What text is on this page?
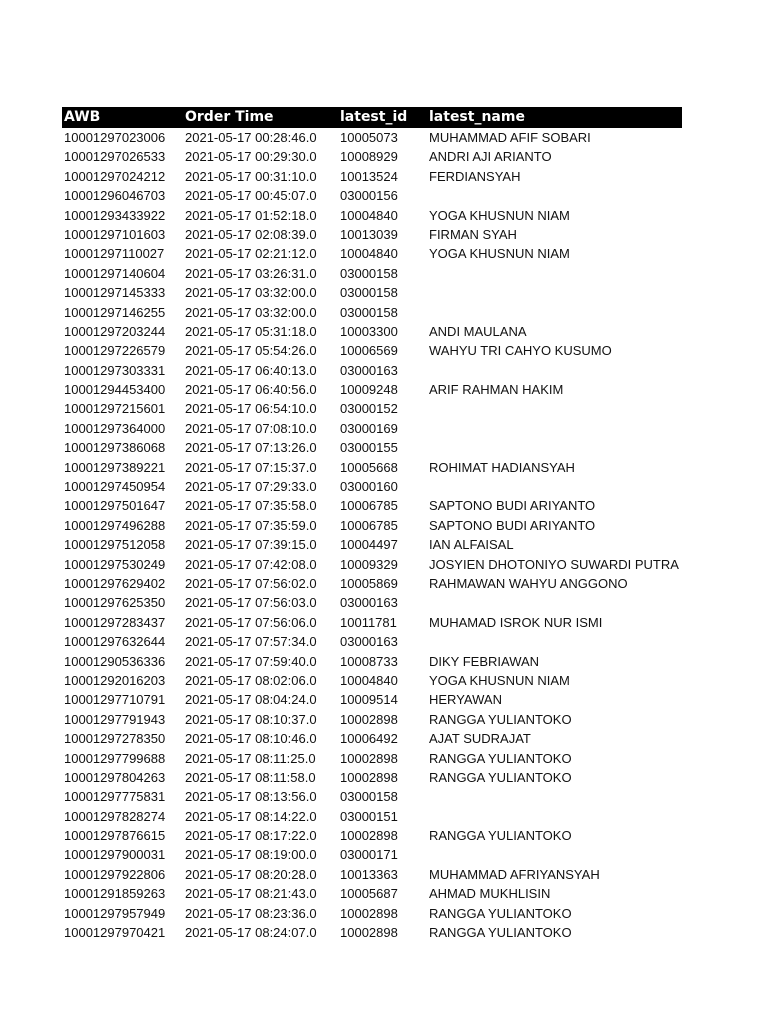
AWB	Order Time	latest_id	latest_name
10001297023006	2021-05-17 00:28:46.0	10005073	MUHAMMAD AFIF SOBARI
10001297026533	2021-05-17 00:29:30.0	10008929	ANDRI AJI ARIANTO
10001297024212	2021-05-17 00:31:10.0	10013524	FERDIANSYAH
10001296046703	2021-05-17 00:45:07.0	03000156
10001293433922	2021-05-17 01:52:18.0	10004840	YOGA KHUSNUN NIAM
10001297101603	2021-05-17 02:08:39.0	10013039	FIRMAN SYAH
10001297110027	2021-05-17 02:21:12.0	10004840	YOGA KHUSNUN NIAM
10001297140604	2021-05-17 03:26:31.0	03000158
10001297145333	2021-05-17 03:32:00.0	03000158
10001297146255	2021-05-17 03:32:00.0	03000158
10001297203244	2021-05-17 05:31:18.0	10003300	ANDI MAULANA
10001297226579	2021-05-17 05:54:26.0	10006569	WAHYU TRI CAHYO KUSUMO
10001297303331	2021-05-17 06:40:13.0	03000163
10001294453400	2021-05-17 06:40:56.0	10009248	ARIF RAHMAN HAKIM
10001297215601	2021-05-17 06:54:10.0	03000152
10001297364000	2021-05-17 07:08:10.0	03000169
10001297386068	2021-05-17 07:13:26.0	03000155
10001297389221	2021-05-17 07:15:37.0	10005668	ROHIMAT HADIANSYAH
10001297450954	2021-05-17 07:29:33.0	03000160
10001297501647	2021-05-17 07:35:58.0	10006785	SAPTONO BUDI ARIYANTO
10001297496288	2021-05-17 07:35:59.0	10006785	SAPTONO BUDI ARIYANTO
10001297512058	2021-05-17 07:39:15.0	10004497	IAN ALFAISAL
10001297530249	2021-05-17 07:42:08.0	10009329	JOSYIEN DHOTONIYO SUWARDI PUTRA
10001297629402	2021-05-17 07:56:02.0	10005869	RAHMAWAN WAHYU ANGGONO
10001297625350	2021-05-17 07:56:03.0	03000163
10001297283437	2021-05-17 07:56:06.0	10011781	MUHAMAD ISROK NUR ISMI
10001297632644	2021-05-17 07:57:34.0	03000163
10001290536336	2021-05-17 07:59:40.0	10008733	DIKY FEBRIAWAN
10001292016203	2021-05-17 08:02:06.0	10004840	YOGA KHUSNUN NIAM
10001297710791	2021-05-17 08:04:24.0	10009514	HERYAWAN
10001297791943	2021-05-17 08:10:37.0	10002898	RANGGA YULIANTOKO
10001297278350	2021-05-17 08:10:46.0	10006492	AJAT SUDRAJAT
10001297799688	2021-05-17 08:11:25.0	10002898	RANGGA YULIANTOKO
10001297804263	2021-05-17 08:11:58.0	10002898	RANGGA YULIANTOKO
10001297775831	2021-05-17 08:13:56.0	03000158
10001297828274	2021-05-17 08:14:22.0	03000151
10001297876615	2021-05-17 08:17:22.0	10002898	RANGGA YULIANTOKO
10001297900031	2021-05-17 08:19:00.0	03000171
10001297922806	2021-05-17 08:20:28.0	10013363	MUHAMMAD AFRIYANSYAH
10001291859263	2021-05-17 08:21:43.0	10005687	AHMAD MUKHLISIN
10001297957949	2021-05-17 08:23:36.0	10002898	RANGGA YULIANTOKO
10001297970421	2021-05-17 08:24:07.0	10002898	RANGGA YULIANTOKO
